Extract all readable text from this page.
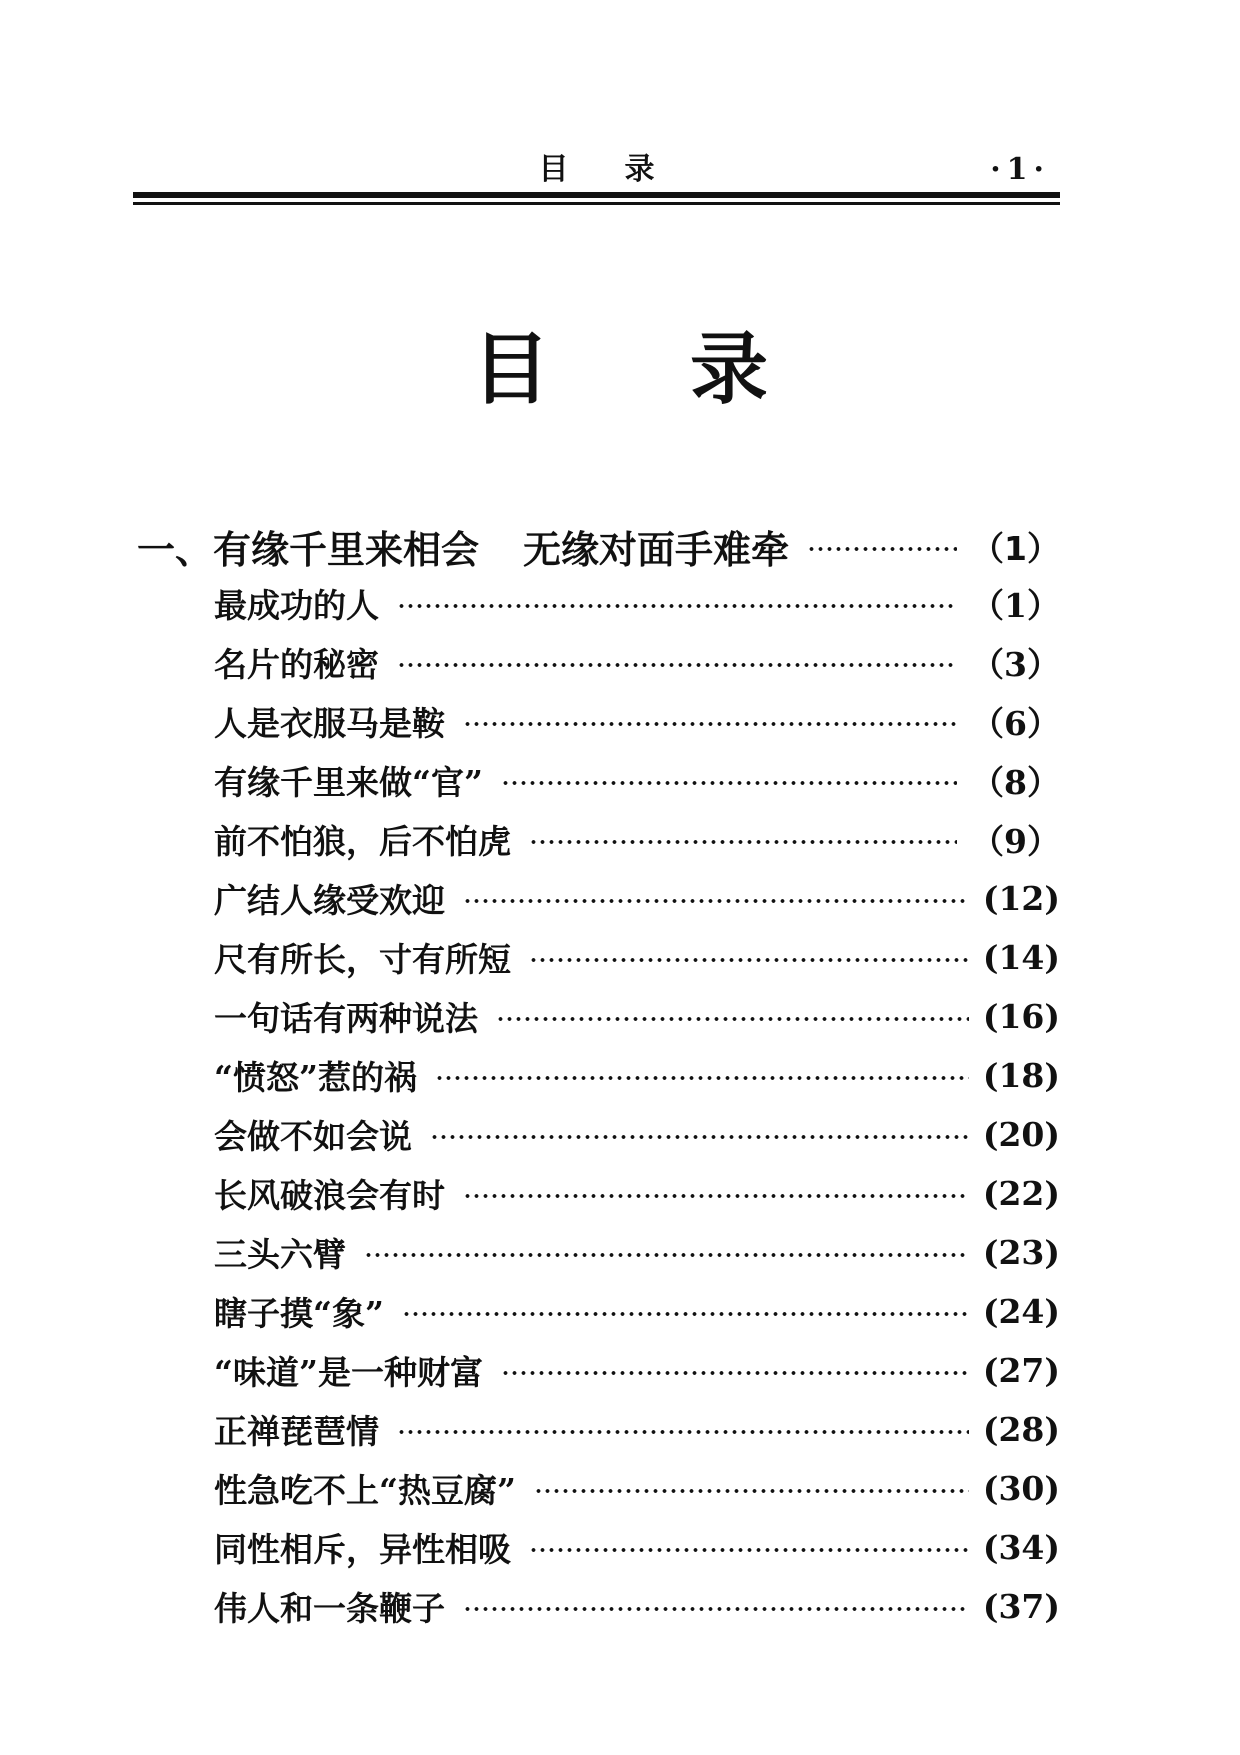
目录	·1·
目录
一、有缘千里来相会 无缘对面手难牵	（1）
最成功的人	（1）
名片的秘密	（3）
人是衣服马是鞍	（6）
有缘千里来做“官”	（8）
前不怕狼，后不怕虎	（9）
广结人缘受欢迎	(12)
尺有所长，寸有所短	(14)
一句话有两种说法	(16)
“愤怒”惹的祸	(18)
会做不如会说	(20)
长风破浪会有时	(22)
三头六臂	(23)
瞎子摸“象”	(24)
“味道”是一种财富	(27)
正禅琵琶情	(28)
性急吃不上“热豆腐”	(30)
同性相斥，异性相吸	(34)
伟人和一条鞭子	(37)
